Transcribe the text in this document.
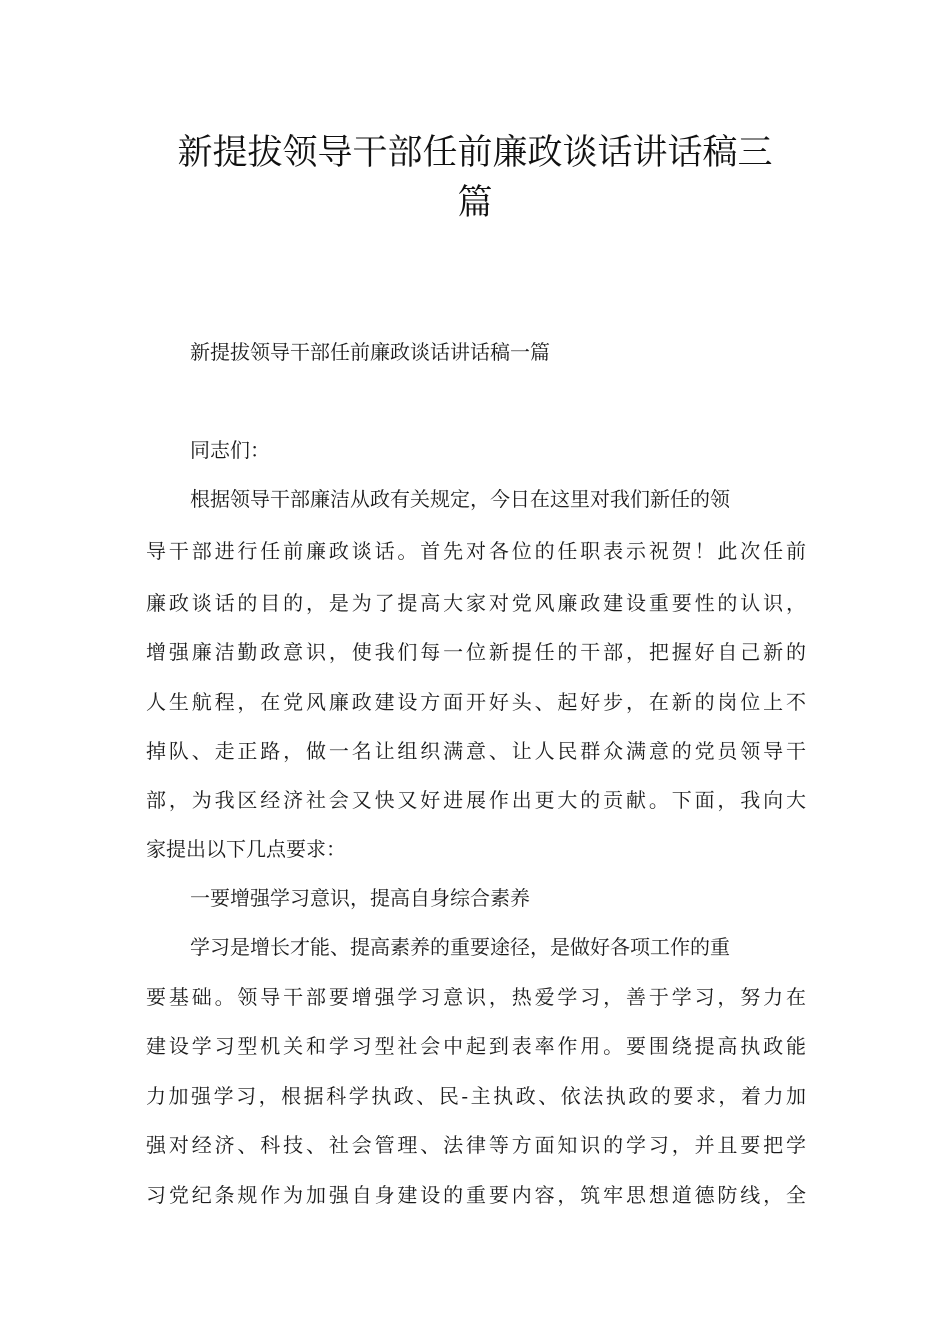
新提拔领导干部任前廉政谈话讲话稿三
篇
新提拔领导干部任前廉政谈话讲话稿一篇
同志们：
根据领导干部廉洁从政有关规定，今日在这里对我们新任的领
导干部进行任前廉政谈话。首先对各位的任职表示祝贺！此次任前
廉政谈话的目的，是为了提高大家对党风廉政建设重要性的认识，
增强廉洁勤政意识，使我们每一位新提任的干部，把握好自己新的
人生航程，在党风廉政建设方面开好头、起好步，在新的岗位上不
掉队、走正路，做一名让组织满意、让人民群众满意的党员领导干
部，为我区经济社会又快又好进展作出更大的贡献。下面，我向大
家提出以下几点要求：
一要增强学习意识，提高自身综合素养
学习是增长才能、提高素养的重要途径，是做好各项工作的重
要基础。领导干部要增强学习意识，热爱学习，善于学习，努力在
建设学习型机关和学习型社会中起到表率作用。要围绕提高执政能
力加强学习，根据科学执政、民-主执政、依法执政的要求，着力加
强对经济、科技、社会管理、法律等方面知识的学习，并且要把学
习党纪条规作为加强自身建设的重要内容，筑牢思想道德防线，全
